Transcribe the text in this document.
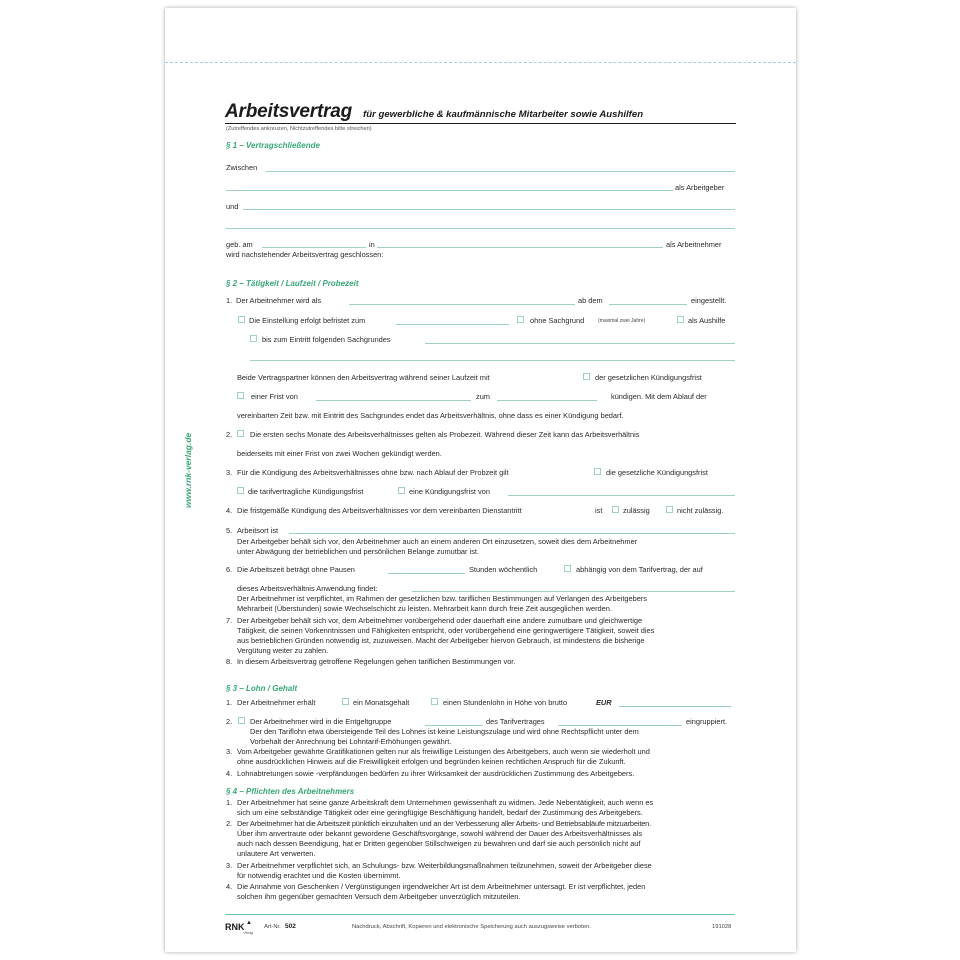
www.rnk-verlag.de
Arbeitsvertrag für gewerbliche & kaufmännische Mitarbeiter sowie Aushilfen
(Zutreffendes ankreuzen, Nichtzutreffendes bitte streichen)
§ 1 – Vertragschließende
Zwischen
als Arbeitgeber
und
geb. am	in	als Arbeitnehmer
wird nachstehender Arbeitsvertrag geschlossen:
§ 2 – Tätigkeit / Laufzeit / Probezeit
1. Der Arbeitnehmer wird als	ab dem	eingestellt.
Die Einstellung erfolgt befristet zum	ohne Sachgrund	(maximal zwei Jahre)	als Aushilfe
bis zum Eintritt folgenden Sachgrundes
Beide Vertragspartner können den Arbeitsvertrag während seiner Laufzeit mit	der gesetzlichen Kündigungsfrist
einer Frist von	zum	kündigen. Mit dem Ablauf der
vereinbarten Zeit bzw. mit Eintritt des Sachgrundes endet das Arbeitsverhältnis, ohne dass es einer Kündigung bedarf.
2. Die ersten sechs Monate des Arbeitsverhältnisses gelten als Probezeit. Während dieser Zeit kann das Arbeitsverhältnis
beiderseits mit einer Frist von zwei Wochen gekündigt werden.
3. Für die Kündigung des Arbeitsverhältnisses ohne bzw. nach Ablauf der Probzeit gilt	die gesetzliche Kündigungsfrist
die tarifvertragliche Kündigungsfrist	eine Kündigungsfrist von
4. Die fristgemäße Kündigung des Arbeitsverhältnisses vor dem vereinbarten Dienstantritt	ist	zulässig	nicht zulässig.
5. Arbeitsort ist
Der Arbeitgeber behält sich vor, den Arbeitnehmer auch an einem anderen Ort einzusetzen, soweit dies dem Arbeitnehmer
unter Abwägung der betrieblichen und persönlichen Belange zumutbar ist.
6. Die Arbeitszeit beträgt ohne Pausen	Stunden wöchentlich	abhängig von dem Tarifvertrag, der auf
dieses Arbeitsverhältnis Anwendung findet:
Der Arbeitnehmer ist verpflichtet, im Rahmen der gesetzlichen bzw. tariflichen Bestimmungen auf Verlangen des Arbeitgebers
Mehrarbeit (Überstunden) sowie Wechselschicht zu leisten. Mehrarbeit kann durch freie Zeit ausgeglichen werden.
7. Der Arbeitgeber behält sich vor, dem Arbeitnehmer vorübergehend oder dauerhaft eine andere zumutbare und gleichwertige
Tätigkeit, die seinen Vorkenntnissen und Fähigkeiten entspricht, oder vorübergehend eine geringwertigere Tätigkeit, soweit dies
aus betrieblichen Gründen notwendig ist, zuzuweisen. Macht der Arbeitgeber hiervon Gebrauch, ist mindestens die bisherige
Vergütung weiter zu zahlen.
8. In diesem Arbeitsvertrag getroffene Regelungen gehen tariflichen Bestimmungen vor.
§ 3 – Lohn / Gehalt
1. Der Arbeitnehmer erhält	ein Monatsgehalt	einen Stundenlohn in Höhe von brutto	EUR
2. Der Arbeitnehmer wird in die Entgeltgruppe	des Tarifvertrages	eingruppiert.
Der den Tariflohn etwa übersteigende Teil des Lohnes ist keine Leistungszulage und wird ohne Rechtspflicht unter dem
Vorbehalt der Anrechnung bei Lohntarif-Erhöhungen gewährt.
3. Vom Arbeitgeber gewährte Gratifikationen gelten nur als freiwillige Leistungen des Arbeitgebers, auch wenn sie wiederholt und
ohne ausdrücklichen Hinweis auf die Freiwilligkeit erfolgen und begründen keinen rechtlichen Anspruch für die Zukunft.
4. Lohnabtretungen sowie -verpfändungen bedürfen zu ihrer Wirksamkeit der ausdrücklichen Zustimmung des Arbeitgebers.
§ 4 – Pflichten des Arbeitnehmers
1. Der Arbeitnehmer hat seine ganze Arbeitskraft dem Unternehmen gewissenhaft zu widmen. Jede Nebentätigkeit, auch wenn es
sich um eine selbständige Tätigkeit oder eine geringfügige Beschäftigung handelt, bedarf der Zustimmung des Arbeitgebers.
2. Der Arbeitnehmer hat die Arbeitszeit pünktlich einzuhalten und an der Verbesserung aller Arbeits- und Betriebsabläufe mitzuarbeiten.
Über ihm anvertraute oder bekannt gewordene Geschäftsvorgänge, sowohl während der Dauer des Arbeitsverhältnisses als
auch nach dessen Beendigung, hat er Dritten gegenüber Stillschweigen zu bewahren und darf sie auch persönlich nicht auf
unlautere Art verwerten.
3. Der Arbeitnehmer verpflichtet sich, an Schulungs- bzw. Weiterbildungsmaßnahmen teilzunehmen, soweit der Arbeitgeber diese
für notwendig erachtet und die Kosten übernimmt.
4. Die Annahme von Geschenken / Vergünstigungen irgendwelcher Art ist dem Arbeitnehmer untersagt. Er ist verpflichtet, jeden
solchen ihm gegenüber gemachten Versuch dem Arbeitgeber unverzüglich mitzuteilen.
RNK ▲
Verlag
Art-Nr. 502	Nachdruck, Abschrift, Kopieren und elektronische Speicherung auch auszugsweise verboten.	191028
